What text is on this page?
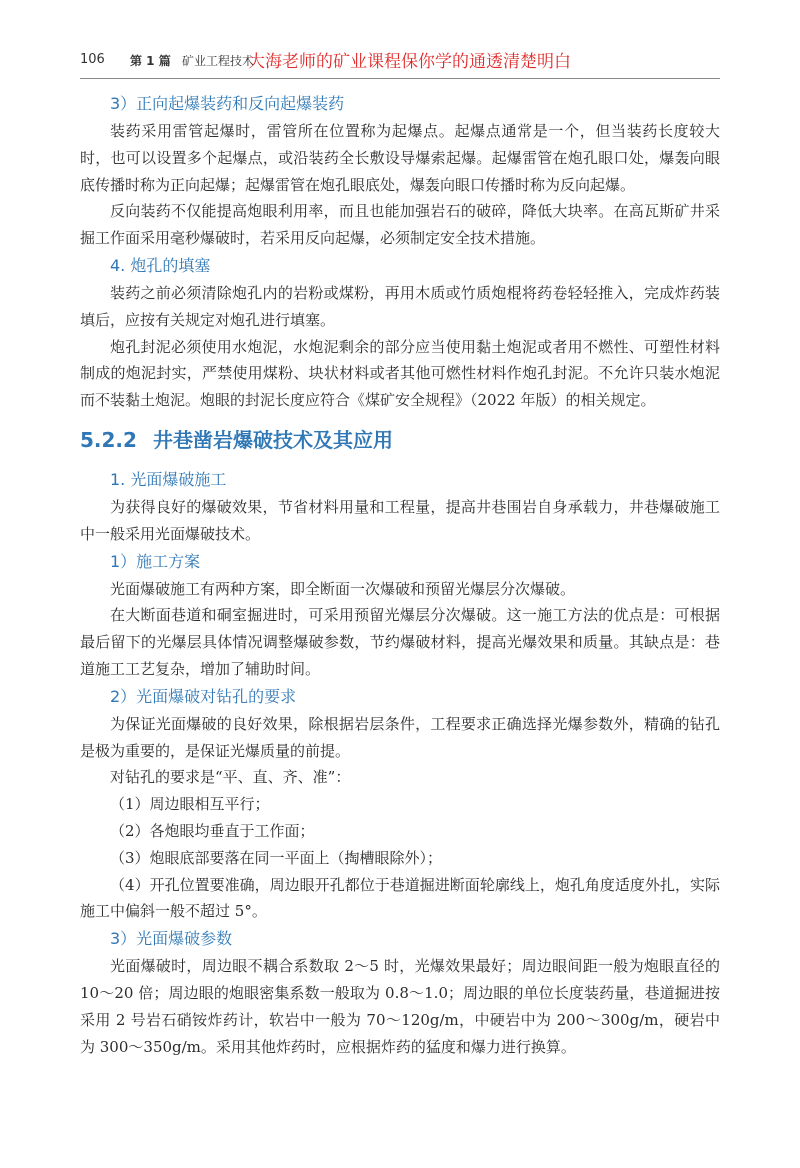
106 第 1 篇 矿业工程技术
大海老师的矿业课程保你学的通透清楚明白
3）正向起爆装药和反向起爆装药

装药采用雷管起爆时，雷管所在位置称为起爆点。起爆点通常是一个，但当装药长度较大时，也可以设置多个起爆点，或沿装药全长敷设导爆索起爆。起爆雷管在炮孔眼口处，爆轰向眼底传播时称为正向起爆；起爆雷管在炮孔眼底处，爆轰向眼口传播时称为反向起爆。

反向装药不仅能提高炮眼利用率，而且也能加强岩石的破碎，降低大块率。在高瓦斯矿井采掘工作面采用毫秒爆破时，若采用反向起爆，必须制定安全技术措施。

4. 炮孔的填塞

装药之前必须清除炮孔内的岩粉或煤粉，再用木质或竹质炮棍将药卷轻轻推入，完成炸药装填后，应按有关规定对炮孔进行填塞。

炮孔封泥必须使用水炮泥，水炮泥剩余的部分应当使用黏土炮泥或者用不燃性、可塑性材料制成的炮泥封实，严禁使用煤粉、块状材料或者其他可燃性材料作炮孔封泥。不允许只装水炮泥而不装黏土炮泥。炮眼的封泥长度应符合《煤矿安全规程》（2022 年版）的相关规定。

5.2.2 井巷凿岩爆破技术及其应用
1. 光面爆破施工

为获得良好的爆破效果，节省材料用量和工程量，提高井巷围岩自身承载力，井巷爆破施工中一般采用光面爆破技术。

1）施工方案

光面爆破施工有两种方案，即全断面一次爆破和预留光爆层分次爆破。

在大断面巷道和硐室掘进时，可采用预留光爆层分次爆破。这一施工方法的优点是：可根据最后留下的光爆层具体情况调整爆破参数，节约爆破材料，提高光爆效果和质量。其缺点是：巷道施工工艺复杂，增加了辅助时间。

2）光面爆破对钻孔的要求

为保证光面爆破的良好效果，除根据岩层条件，工程要求正确选择光爆参数外，精确的钻孔是极为重要的，是保证光爆质量的前提。

对钻孔的要求是“平、直、齐、准”：

（1）周边眼相互平行；

（2）各炮眼均垂直于工作面；

（3）炮眼底部要落在同一平面上（掏槽眼除外）；

（4）开孔位置要准确，周边眼开孔都位于巷道掘进断面轮廓线上，炮孔角度适度外扎，实际施工中偏斜一般不超过 5°。

3）光面爆破参数

光面爆破时，周边眼不耦合系数取 2～5 时，光爆效果最好；周边眼间距一般为炮眼直径的 10～20 倍；周边眼的炮眼密集系数一般取为 0.8～1.0；周边眼的单位长度装药量，巷道掘进按采用 2 号岩石硝铵炸药计，软岩中一般为 70～120g/m，中硬岩中为 200～300g/m，硬岩中为 300～350g/m。采用其他炸药时，应根据炸药的猛度和爆力进行换算。
